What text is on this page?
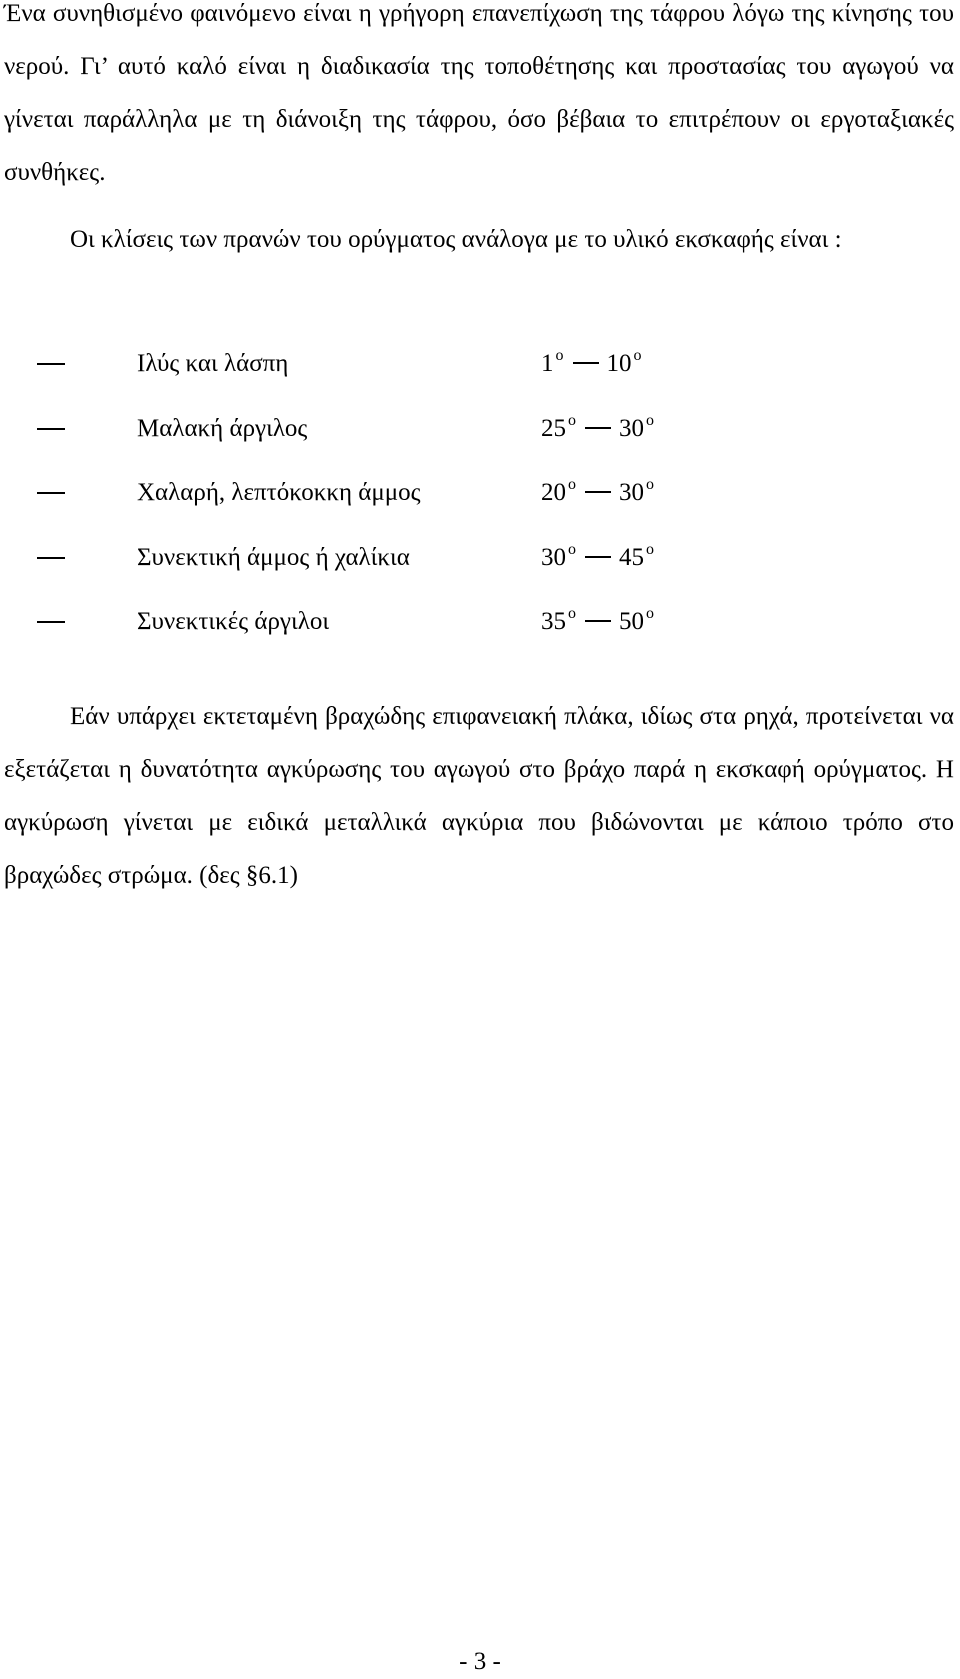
Ένα συνηθισμένο φαινόμενο είναι η γρήγορη επανεπίχωση της τάφρου λόγω της κίνησης του νερού. Γι’ αυτό καλό είναι η διαδικασία της τοποθέτησης και προστασίας του αγωγού να γίνεται παράλληλα με τη διάνοιξη της τάφρου, όσο βέβαια το επιτρέπουν οι εργοταξιακές συνθήκες.

Οι κλίσεις των πρανών του ορύγματος ανάλογα με το υλικό εκσκαφής είναι :

Ιλύς και λάσπη	1 $^o$ 10 $^o$
Μαλακή άργιλος	25 $^o$ 30 $^o$
Χαλαρή, λεπτόκοκκη άμμος	20 $^o$ 30 $^o$
Συνεκτική άμμος ή χαλίκια	30 $^o$ 45 $^o$
Συνεκτικές άργιλοι	35 $^o$ 50 $^o$

Εάν υπάρχει εκτεταμένη βραχώδης επιφανειακή πλάκα, ιδίως στα ρηχά, προτείνεται να εξετάζεται η δυνατότητα αγκύρωσης του αγωγού στο βράχο παρά η εκσκαφή ορύγματος. Η αγκύρωση γίνεται με ειδικά μεταλλικά αγκύρια που βιδώνονται με κάποιο τρόπο στο βραχώδες στρώμα. (δες §6.1)

- 3 -
